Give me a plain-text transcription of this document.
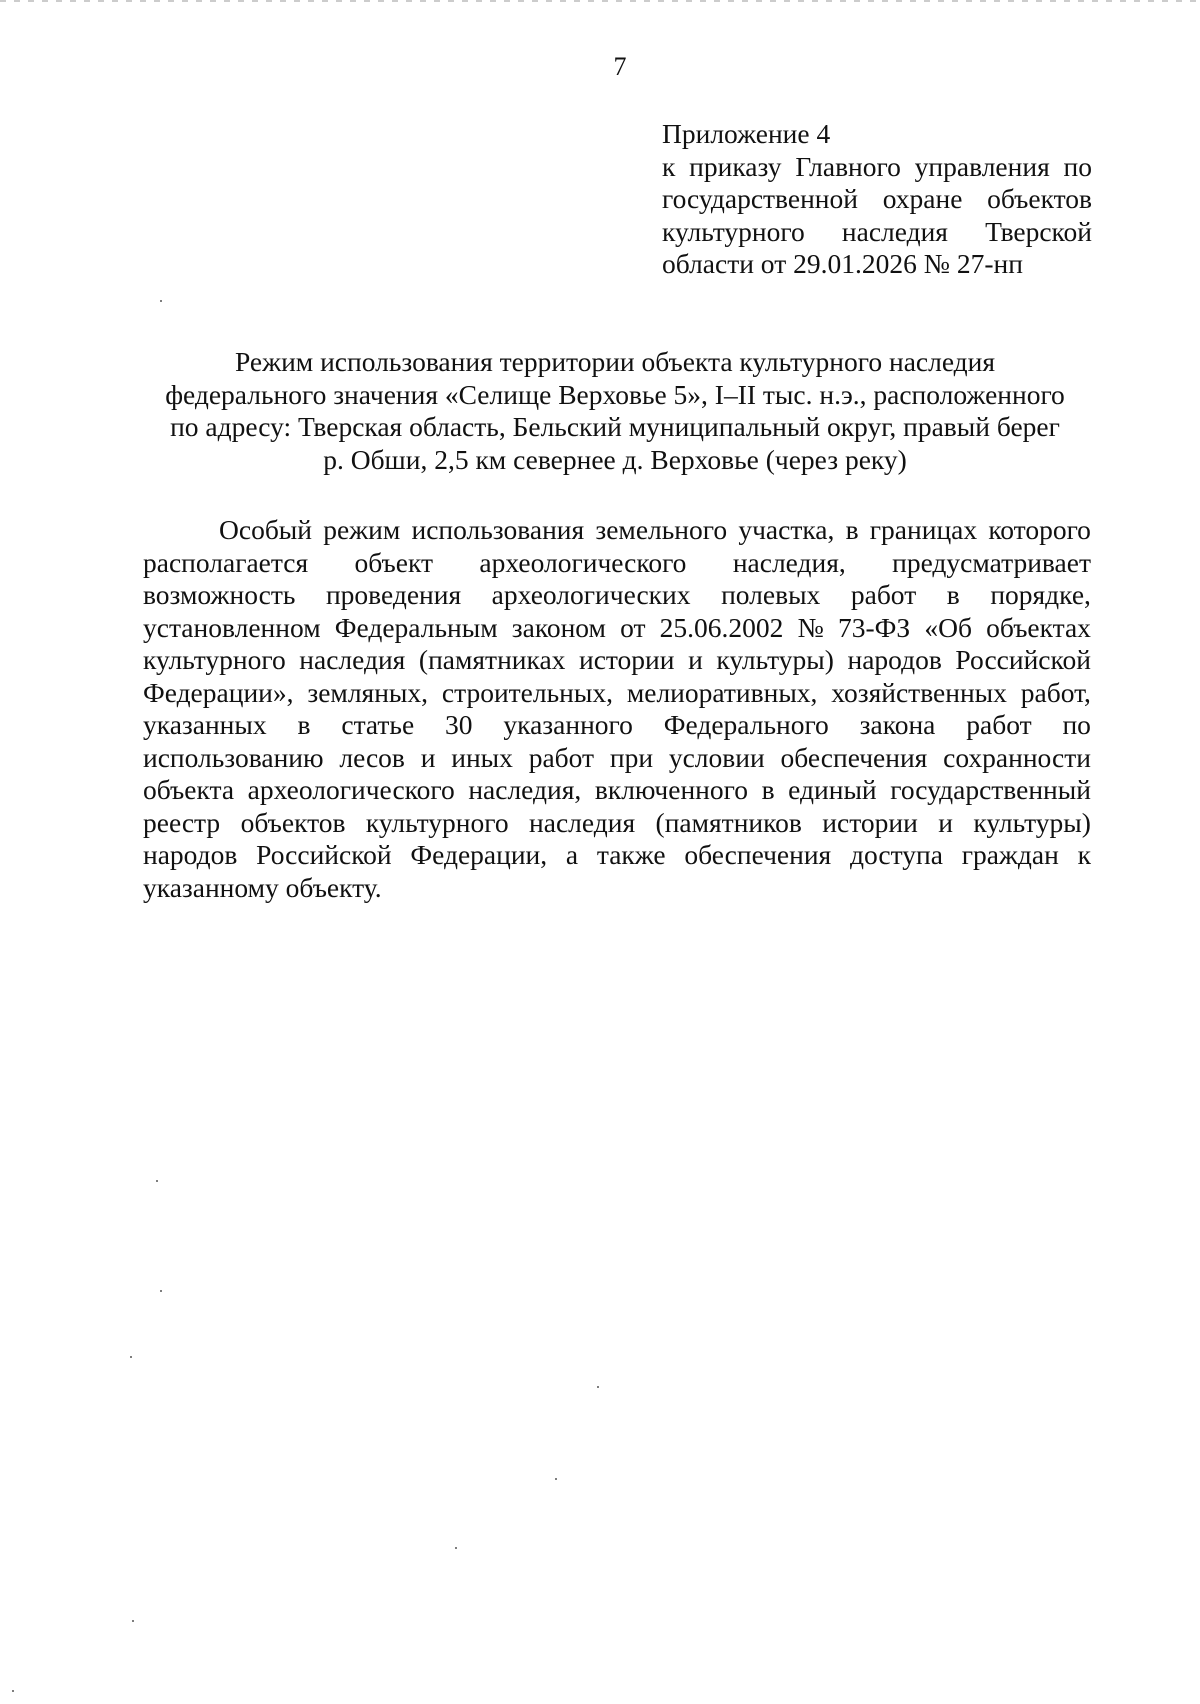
7
Приложение 4
к приказу Главного управления по
государственной охране объектов
культурного наследия Тверской
области от 29.01.2026 № 27-нп
Режим использования территории объекта культурного наследия
федерального значения «Селище Верховье 5», I–II тыс. н.э., расположенного
по адресу: Тверская область, Бельский муниципальный округ, правый берег
р. Обши, 2,5 км севернее д. Верховье (через реку)
Особый режим использования земельного участка, в границах которого
располагается объект археологического наследия, предусматривает
возможность проведения археологических полевых работ в порядке,
установленном Федеральным законом от 25.06.2002 № 73-ФЗ «Об объектах
культурного наследия (памятниках истории и культуры) народов Российской
Федерации», земляных, строительных, мелиоративных, хозяйственных работ,
указанных в статье 30 указанного Федерального закона работ по
использованию лесов и иных работ при условии обеспечения сохранности
объекта археологического наследия, включенного в единый государственный
реестр объектов культурного наследия (памятников истории и культуры)
народов Российской Федерации, а также обеспечения доступа граждан к
указанному объекту.
